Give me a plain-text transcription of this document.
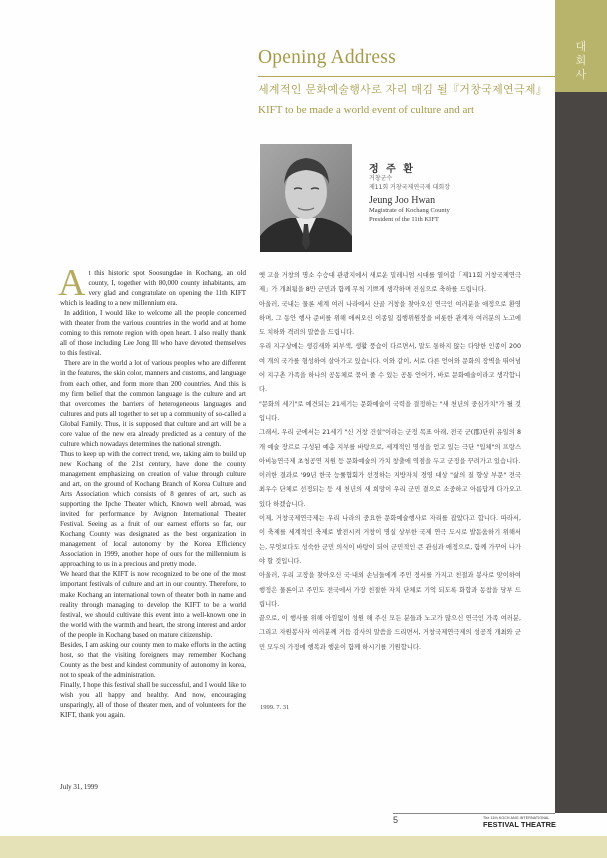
대
회
사
Opening Address
세계적인 문화예술행사로 자리 매김 될『거창국제연극제』
KIFT to be made a world event of culture and art
정 주 환
거창군수
제11회 거창국제연극제 대회장
Jeung Joo Hwan
Magistrate of Kochang County
President of the 11th KIFT

At this historic spot Soosungdae in Kochang, an old county, I, together with 80,000 county inhabitants, am very glad and congratulate on opening the 11th KIFT which is leading to a new millennium era.

In addition, I would like to welcome all the people concerned with theater from the various countries in the world and at home coming to this remote region with open heart. I also really thank all of those including Lee Jong Ill who have devoted themselves to this festival.

There are in the world a lot of various peoples who are different in the features, the skin color, manners and customs, and language from each other, and form more than 200 countries. And this is my firm belief that the common language is the culture and art that overcomes the barriers of heterogeneous languages and cultures and puts all together to set up a community of so-called a Global Family. Thus, it is supposed that culture and art will be a core value of the new era already predicted as a century of the culture which nowadays determines the national strength.

Thus to keep up with the correct trend, we, taking aim to build up new Kochang of the 21st century, have done the county management emphasizing on creation of value through culture and art, on the ground of Kochang Branch of Korea Culture and Arts Association which consists of 8 genres of art, such as supporting the Ipche Theater which, Known well abroad, was invited for performance by Avignon International Theater Festival. Seeing as a fruit of our earnest efforts so far, our Kochang County was designated as the best organization in management of local autonomy by the Korea Efficiency Association in 1999, another hope of ours for the millennium is approaching to us in a precious and pretty mode.

We heard that the KIFT is now recognized to be one of the most important festivals of culture and art in our country. Therefore, to make Kochang an international town of theater both in name and reality through managing to develop the KIFT to be a world festival, we should cultivate this event into a well-known one in the world with the warmth and heart, the strong interest and ardor of the people in Kochang based on mature citizenship.

Besides, I am asking our county men to make efforts in the acting host, so that the visiting foreigners may remember Kochang County as the best and kindest community of autonomy in korea, not to speak of the administration.

Finally, I hope this festival shall be successful, and I would like to wish you all happy and healthy. And now, encouraging unsparingly, all of those of theater men, and of volunteers for the KIFT, thank you again.

July 31, 1999

옛 고을 거창의 명소 수승대 관광지에서 새로운 밀레니엄 시대를 열어갈「제11회 거창국제연극제」가 개최됨을 8만 군민과 함께 무척 기쁘게 생각하며 진심으로 축하를 드립니다.

아울러, 국내는 물론 세계 여러 나라에서 산골 거창을 찾아오신 연극인 여러분을 애정으로 환영하며, 그 동안 행사 준비를 위해 애써오신 이종일 집행위원장을 비롯한 관계자 여러분의 노고에도 치하와 격려의 말씀을 드립니다.

우리 지구상에는 생김새와 피부색, 생활 풍습이 다르면서, 말도 통하지 않는 다양한 인종이 200여 개의 국가를 형성하여 살아가고 있습니다. 이와 같이, 서로 다른 언어와 문화의 장벽을 뛰어넘어 지구촌 가족을 하나의 공동체로 묶어 줄 수 있는 공통 언어가, 바로 문화예술이라고 생각합니다.

"문화의 세기"로 예견되는 21세기는 문화예술이 국력을 결정하는 "새 천년의 중심가치"가 될 것입니다.

그래서, 우리 군에서는 21세기 "신 거창 건설"이라는 군정 목표 아래, 전국 군(郡)단위 유일의 8개 예술 장르로 구성된 예총 지부를 바탕으로, 세계적인 명성을 얻고 있는 극단 "입체"의 프랑스 아비뇽연극제 초청공연 지원 등 문화예술의 가치 창출에 역점을 두고 군정을 꾸려가고 있습니다.

이러한 결과로 '99년 한국 능률협회가 선정하는 지방자치 경영 대상 "삶의 질 향상 부문" 전국 최우수 단체로 선정되는 등 새 천년의 새 희망이 우리 군민 곁으로 소중하고 아름답게 다가오고 있다 하겠습니다.

이제, 거창국제연극제는 우리 나라의 중요한 문화예술행사로 자리를 잡았다고 합니다. 따라서, 이 축제를 세계적인 축제로 발전시켜 거창이 명실 상부한 국제 연극 도시로 발돋움하기 위해서는, 무엇보다도 성숙한 군민 의식이 바탕이 되어 군민적인 큰 관심과 애정으로, 함께 가꾸어 나가야 할 것입니다.

아울러, 우리 고장을 찾아오신 국·내외 손님들에게 주민 정서를 가지고 친절과 봉사로 맞이하여 행정은 물론이고 주민도 전국에서 가장 친절한 자치 단체로 기억 되도록 화합과 동참을 당부 드립니다.

끝으로, 이 행사를 위해 아낌없이 성원 해 주신 모든 분들과 노고가 많으신 연극인 가족 여러분, 그리고 자원봉사자 여러분께 거듭 감사의 말씀을 드리면서, 거창국제연극제의 성공적 개최와 군민 모두의 가정에 행복과 행운이 함께 하시기를 기원합니다.

1999. 7. 31
5	The 11th KOCH ANG INTERNATIONAL
FESTIVAL THEATRE
